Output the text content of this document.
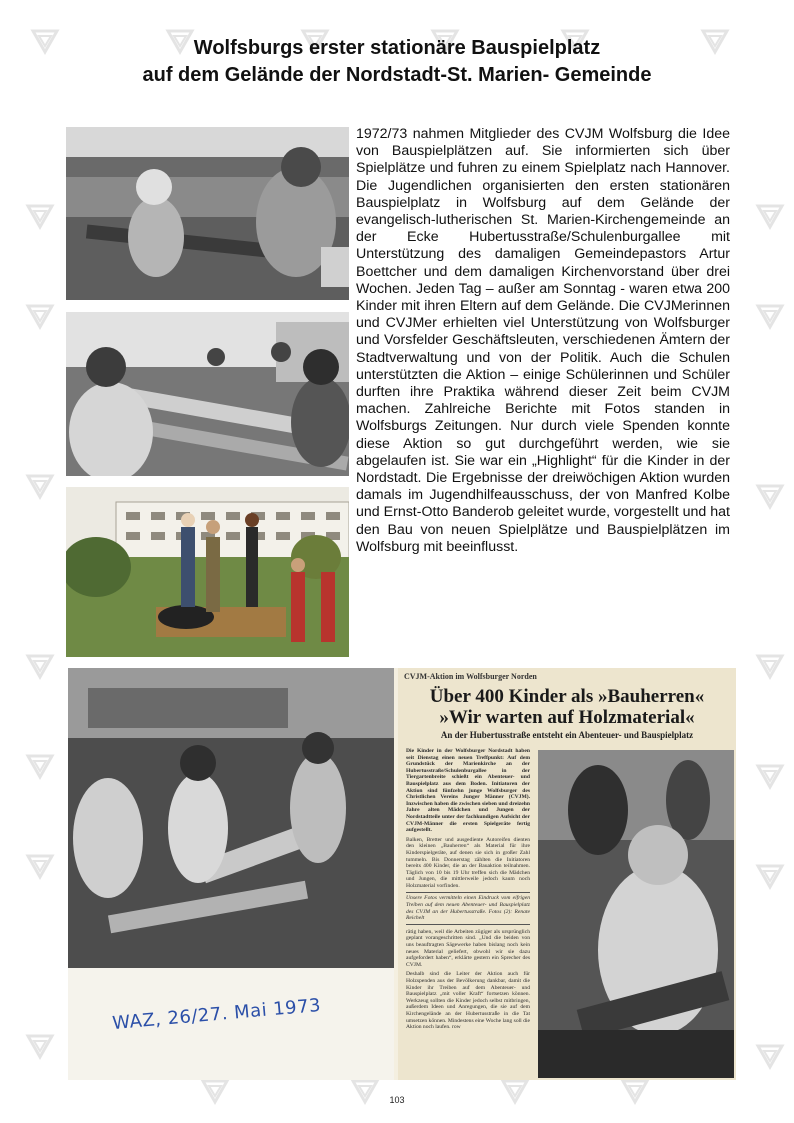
Wolfsburgs erster stationäre Bauspielplatz
auf dem Gelände der Nordstadt-St. Marien- Gemeinde
1972/73 nahmen Mitglieder des CVJM Wolfsburg die Idee von Bauspielplätzen auf. Sie informierten sich über Spielplätze und fuhren zu einem Spielplatz nach Hannover. Die Jugendlichen organisierten den ersten stationären Bauspielplatz in Wolfsburg auf dem Gelände der evangelisch-lutherischen St. Marien-Kirchengemeinde an der Ecke Hubertusstraße/Schulenburgallee mit Unterstützung des damaligen Gemeindepastors Artur Boettcher und dem damaligen Kirchenvorstand über drei Wochen. Jeden Tag – außer am Sonntag - waren etwa 200 Kinder mit ihren Eltern auf dem Gelände. Die CVJMerinnen und CVJMer erhielten viel Unterstützung von Wolfsburger und Vorsfelder Geschäftsleuten, verschiedenen Ämtern der Stadtverwaltung und von der Politik. Auch die Schulen unterstützten die Aktion – einige Schülerinnen und Schüler durften ihre Praktika während dieser Zeit beim CVJM machen. Zahlreiche Berichte mit Fotos standen in Wolfsburgs Zeitungen. Nur durch viele Spenden konnte diese Aktion so gut durchgeführt werden, wie sie abgelaufen ist. Sie war ein „Highlight“ für die Kinder in der Nordstadt. Die Ergebnisse der dreiwöchigen Aktion wurden damals im Jugendhilfeausschuss, der von Manfred Kolbe und Ernst-Otto Banderob geleitet wurde, vorgestellt und hat den Bau von neuen Spielplätze und Bauspielplätzen im Wolfsburg mit beeinflusst.
CVJM-Aktion im Wolfsburger Norden
Über 400 Kinder als »Bauherren«
»Wir warten auf Holzmaterial«
An der Hubertusstraße entsteht ein Abenteuer- und Bauspielplatz

Die Kinder in der Wolfsburger Nordstadt haben seit Dienstag einen neuen Treffpunkt: Auf dem Grundstück der Marienkirche an der Hubertusstraße/Schulenburgallee in der Tiergartenbreite schießt ein Abenteuer- und Bauspielplatz aus dem Boden. Initiatoren der Aktion sind fünfzehn junge Wolfsburger des Christlichen Vereins Junger Männer (CVJM). Inzwischen haben die zwischen sieben und dreizehn Jahre alten Mädchen und Jungen der Nordstadtteile unter der fachkundigen Aufsicht der CVJM-Männer die ersten Spielgeräte fertig aufgestellt.

Balken, Bretter und ausgediente Autoreifen dienten den kleinen „Bauherren“ als Material für ihre Kinderspielgeräte, auf denen sie sich in großer Zahl tummeln. Bis Donnerstag zählten die Initiatoren bereits 400 Kinder, die an der Bauaktion teilnahmen. Täglich von 10 bis 19 Uhr treffen sich die Mädchen und Jungen, die mittlerweile jedoch kaum noch Holzmaterial vorfinden.

Unsere Fotos vermitteln einen Eindruck vom eifrigen Treiben auf dem neuen Abenteuer- und Bauspielplatz des CVJM an der Hubertusstraße. Fotos (2): Renate Reichelt

rätig haben, weil die Arbeiten zügiger als ursprünglich geplant vorangeschritten sind. „Und die beiden von uns beauftragten Sägewerke haben bislang noch kein neues Material geliefert, obwohl wir sie dazu aufgefordert haben“, erklärte gestern ein Sprecher des CVJM.

Deshalb sind die Leiter der Aktion auch für Holzspenden aus der Bevölkerung dankbar, damit die Kinder ihr Treiben auf dem Abenteuer- und Bauspielplatz „mit voller Kraft“ fortsetzen können. Werkzeug sollten die Kinder jedoch selbst mitbringen, außerdem Ideen und Anregungen, die sie auf dem Kirchengelände an der Hubertusstraße in die Tat umsetzen können. Mindestens eine Woche lang soll die Aktion noch laufen. row

WAZ, 26/27. Mai 1973
103
